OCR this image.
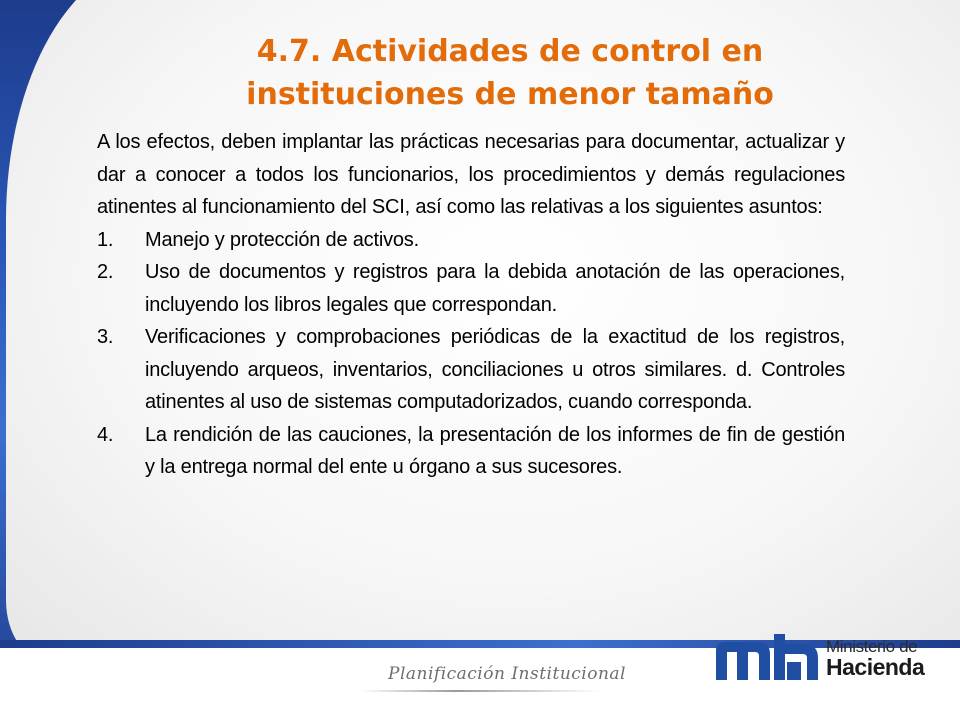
4.7. Actividades de control en
instituciones de menor tamaño

A los efectos, deben implantar las prácticas necesarias para documentar, actualizar y dar a conocer a todos los funcionarios, los procedimientos y demás regulaciones atinentes al funcionamiento del SCI, así como las relativas a los siguientes asuntos:

1. Manejo y protección de activos.
2. Uso de documentos y registros para la debida anotación de las operaciones, incluyendo los libros legales que correspondan.
3. Verificaciones y comprobaciones periódicas de la exactitud de los registros, incluyendo arqueos, inventarios, conciliaciones u otros similares. d. Controles atinentes al uso de sistemas computadorizados, cuando corresponda.
4. La rendición de las cauciones, la presentación de los informes de fin de gestión y la entrega normal del ente u órgano a sus sucesores.
Planificación Institucional
Ministerio de
Hacienda
